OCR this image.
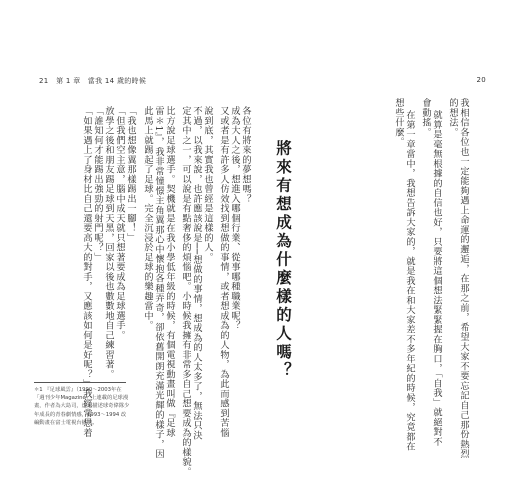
21 第 1 章　當我 14 歲的時候	20
我相信各位也一定能夠遇上命運的邂逅，在那之前，希望大家不要忘記自己那份熱烈
的想法。
就算是毫無根據的自信也好，只要將這個想法緊緊握在胸口，「自我」就絕對不
會動搖。
在第一章當中，我想告訴大家的，就是我在和大家差不多年紀的時候，究竟都在
想些什麼。
將來有想成為什麼樣的人嗎？
各位有將來的夢想嗎？
成為大人之後，想進入哪個行業、從事哪種職業呢？
又或者是有許多人仿效找到想做的事情，或者想成為的人物，為此而感到苦惱
說到底，其實我也曾經是這樣的人。
不過，以我來說，也許應該說是──想做的事情，想成為的人太多了，無法只決
定其中之一，可以說是有點奢侈的煩惱吧。小時候我擁有非常多自己想要成為的樣貌。
比方說足球選手。契機就是在我小學低年級的時候，有個電視動畫叫做『足球
雷＊1』，我非常憧憬主角翼那心中懷抱各種弄奇，卻依舊開朗充滿光輝的樣子，因
此馬上就踢起了足球。完全沉浸於足球的樂趣當中。
「我也想像翼那樣踢出一腳！」
「但我們空主意，腦中成天就只想著要成為足球選手。
放學之後和朋友踢足球到天黑，回家以後也數數地自己練習著。
「誰知何才能踢出強勁的射門呢？」
「如果遇上了身材比自己還要高大的對手，又應該如何是好呢？」我經常思着
＊1 『足球風雲』（1990～2003年在「週刊少年Magazine」上連載的足球漫畫，作者為大島司，透過描述球奇偉隊少年成長的青春劇情感，1993～1994 改編動畫在富士電視台播出。
